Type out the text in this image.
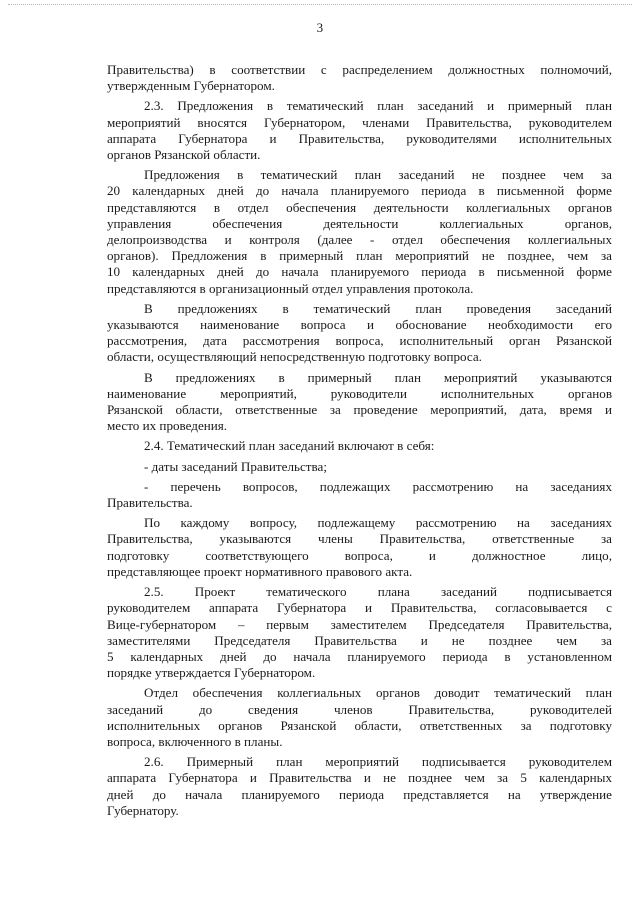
3

Правительства) в соответствии с распределением должностных полномочий,
утвержденным Губернатором.

2.3. Предложения в тематический план заседаний и примерный план
мероприятий вносятся Губернатором, членами Правительства, руководителем
аппарата Губернатора и Правительства, руководителями исполнительных
органов Рязанской области.

Предложения в тематический план заседаний не позднее чем за
20 календарных дней до начала планируемого периода в письменной форме
представляются в отдел обеспечения деятельности коллегиальных органов
управления обеспечения деятельности коллегиальных органов,
делопроизводства и контроля (далее - отдел обеспечения коллегиальных
органов). Предложения в примерный план мероприятий не позднее, чем за
10 календарных дней до начала планируемого периода в письменной форме
представляются в организационный отдел управления протокола.

В предложениях в тематический план проведения заседаний
указываются наименование вопроса и обоснование необходимости его
рассмотрения, дата рассмотрения вопроса, исполнительный орган Рязанской
области, осуществляющий непосредственную подготовку вопроса.

В предложениях в примерный план мероприятий указываются
наименование мероприятий, руководители исполнительных органов
Рязанской области, ответственные за проведение мероприятий, дата, время и
место их проведения.

2.4. Тематический план заседаний включают в себя:

- даты заседаний Правительства;

- перечень вопросов, подлежащих рассмотрению на заседаниях
Правительства.

По каждому вопросу, подлежащему рассмотрению на заседаниях
Правительства, указываются члены Правительства, ответственные за
подготовку соответствующего вопроса, и должностное лицо,
представляющее проект нормативного правового акта.

2.5. Проект тематического плана заседаний подписывается
руководителем аппарата Губернатора и Правительства, согласовывается с
Вице-губернатором – первым заместителем Председателя Правительства,
заместителями Председателя Правительства и не позднее чем за
5 календарных дней до начала планируемого периода в установленном
порядке утверждается Губернатором.

Отдел обеспечения коллегиальных органов доводит тематический план
заседаний до сведения членов Правительства, руководителей
исполнительных органов Рязанской области, ответственных за подготовку
вопроса, включенного в планы.

2.6. Примерный план мероприятий подписывается руководителем
аппарата Губернатора и Правительства и не позднее чем за 5 календарных
дней до начала планируемого периода представляется на утверждение
Губернатору.
